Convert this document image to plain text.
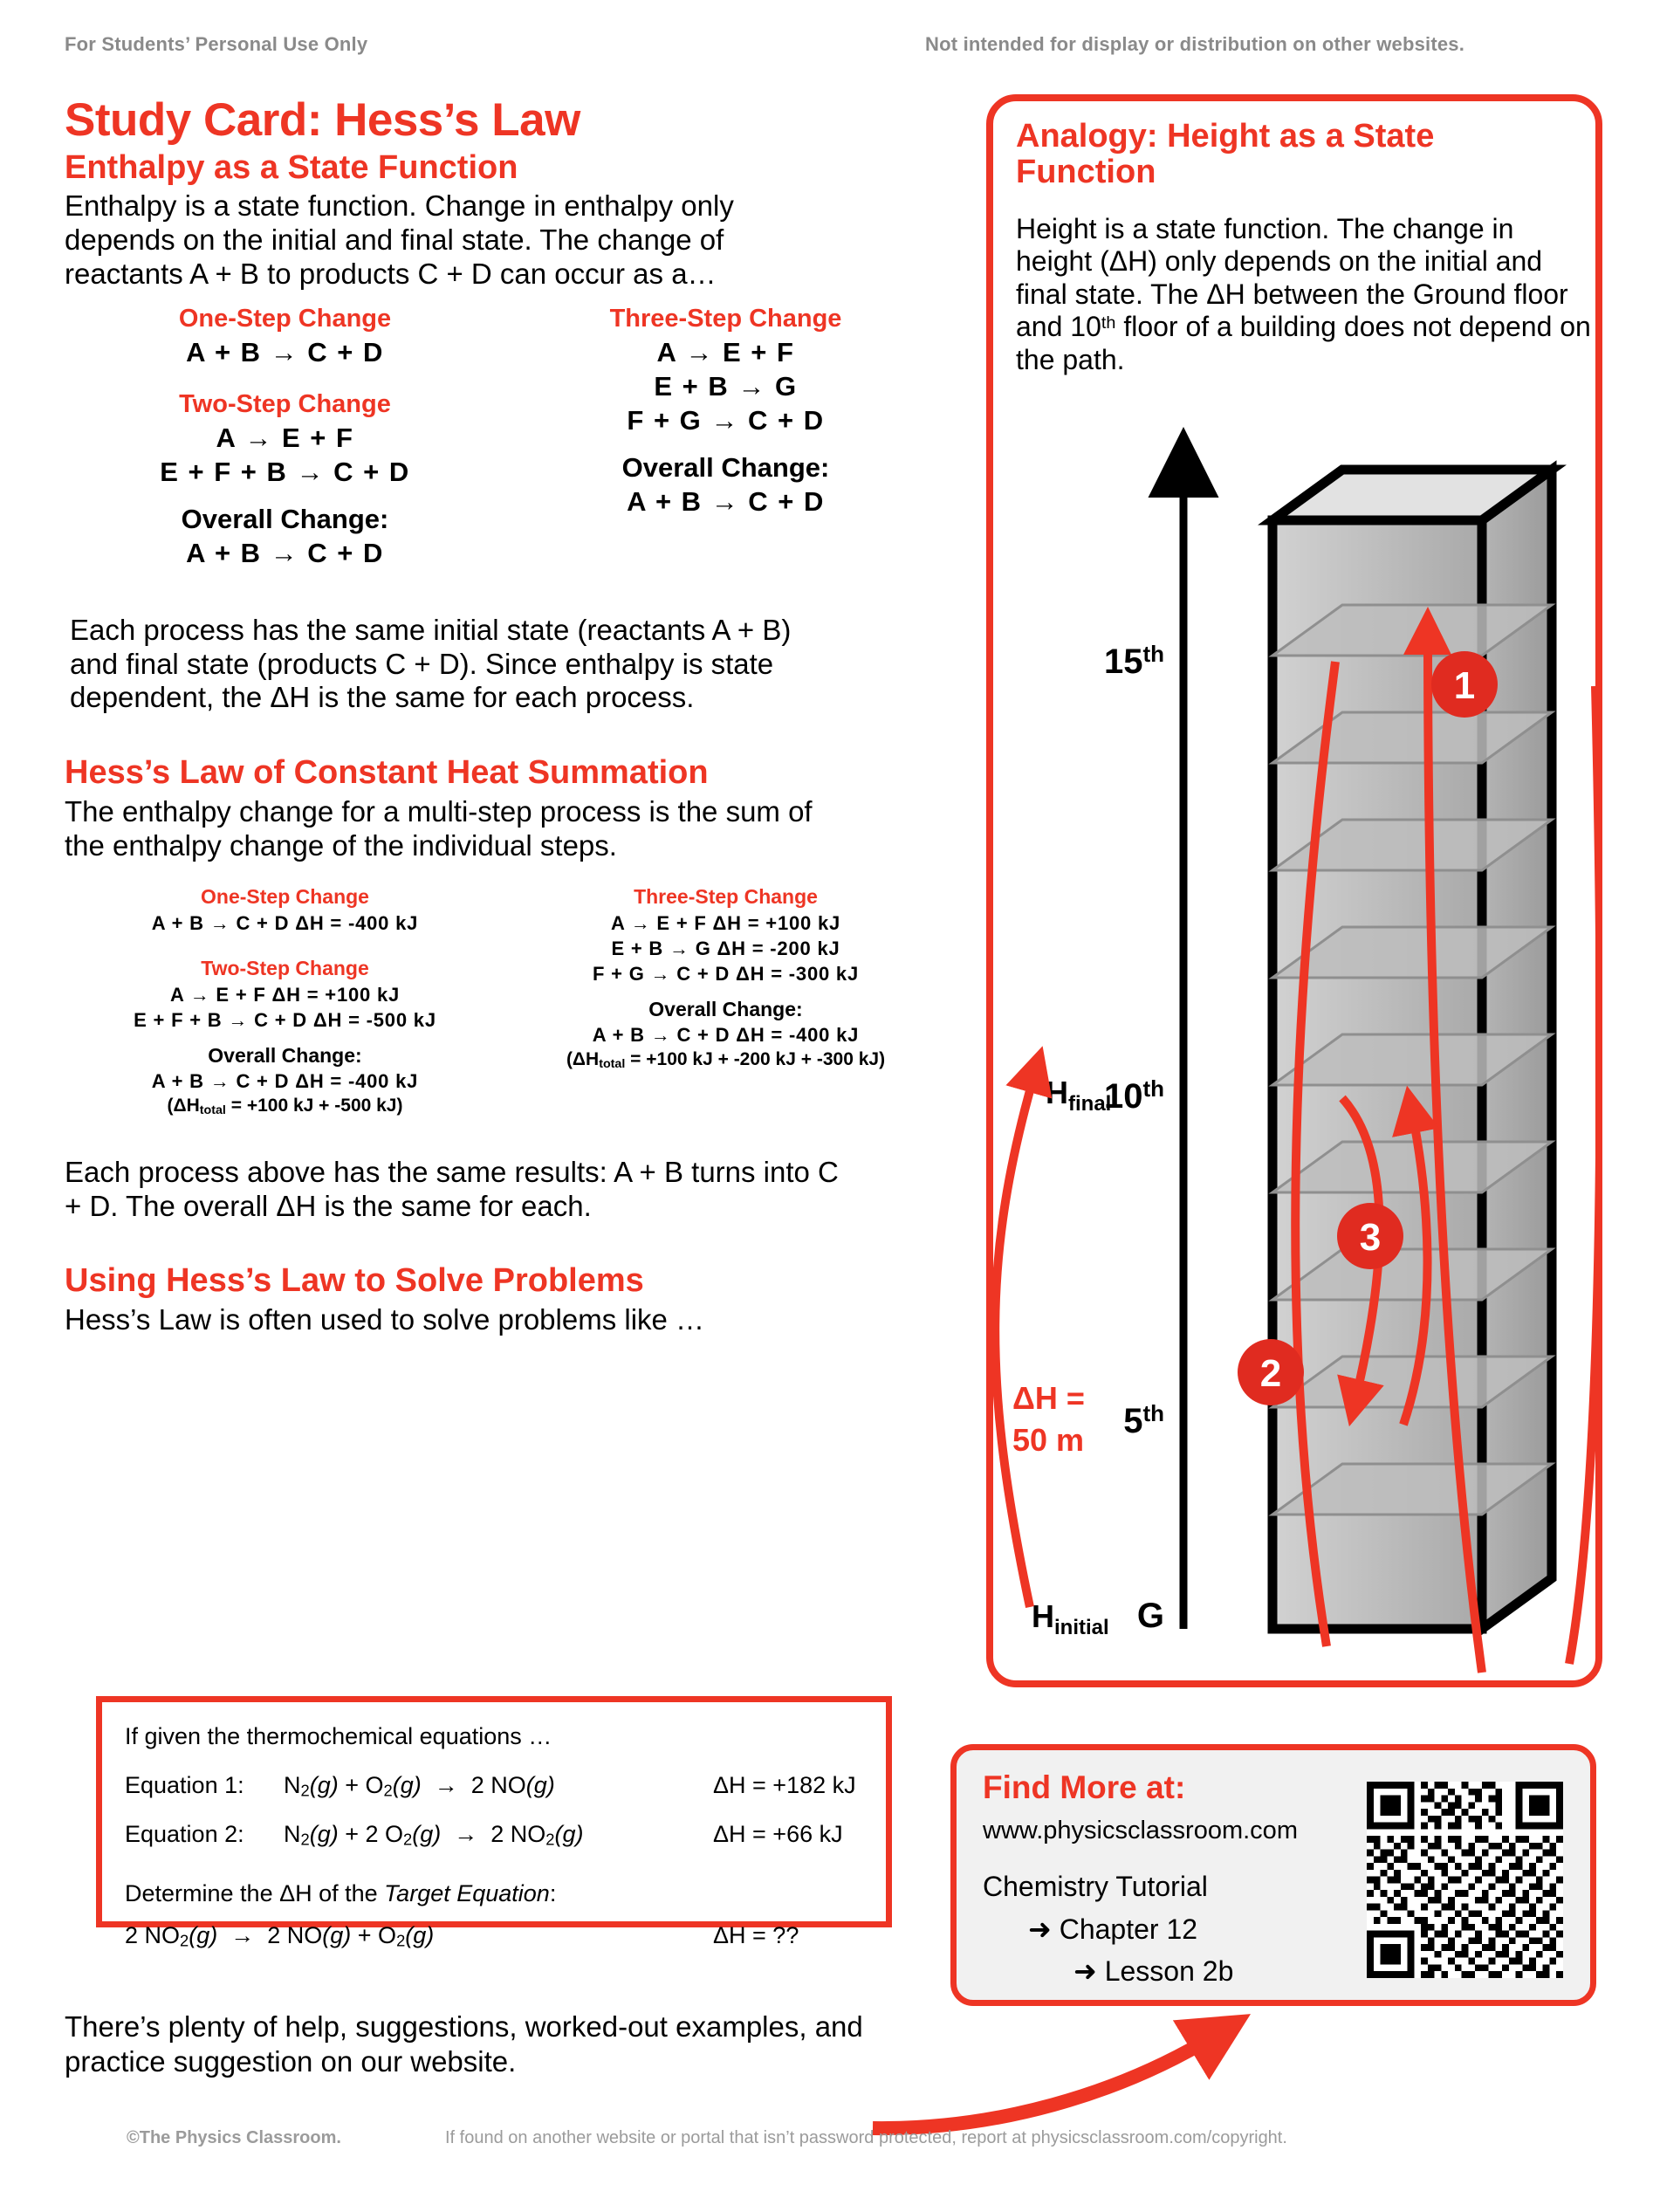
For Students’ Personal Use Only	Not intended for display or distribution on other websites.
Study Card: Hess’s Law
Enthalpy as a State Function

Enthalpy is a state function. Change in enthalpy only depends on the initial and final state. The change of reactants A + B to products C + D can occur as a…

One-Step Change

A + B → C + D

Two-Step Change

A → E + F

E + F + B → C + D

Overall Change:

A + B → C + D

Three-Step Change

A → E + F

E + B → G

F + G → C + D

Overall Change:

A + B → C + D

Each process has the same initial state (reactants A + B) and final state (products C + D). Since enthalpy is state dependent, the ΔH is the same for each process.

Hess’s Law of Constant Heat Summation

The enthalpy change for a multi-step process is the sum of the enthalpy change of the individual steps.

One-Step Change

A + B → C + D ΔH = -400 kJ

Two-Step Change

A → E + F ΔH = +100 kJ

E + F + B → C + D ΔH = -500 kJ

Overall Change:

A + B → C + D ΔH = -400 kJ

($\Delta H_{total} = +100$ kJ + -500 kJ)

Three-Step Change

A → E + F ΔH = +100 kJ

E + B → G ΔH = -200 kJ

F + G → C + D ΔH = -300 kJ

Overall Change:

A + B → C + D ΔH = -400 kJ

($\Delta H_{total} = +100$ kJ + -200 kJ + -300 kJ)

Each process above has the same results: A + B turns into C + D. The overall ΔH is the same for each.

Using Hess’s Law to Solve Problems

Hess’s Law is often used to solve problems like …

If given the thermochemical equations …
Equation 1: $N_2(g) + O_2(g) \to 2$ NO(g)	ΔH = +182 kJ
Equation 2: $N_2(g) + 2$ $O_2(g) \to 2$ $NO_2(g)$	ΔH = +66 kJ
Determine the ΔH of the Target Equation:
2 $NO_2(g) \to 2$ $NO(g) + O_2(g)$	ΔH = ??
Analogy: Height as a State Function
Height is a state function. The change in height (ΔH) only depends on the initial and final state. The ΔH between the Ground floor and 10th floor of a building does not depend on the path.
15th
10th
5th
G
$H_{final}$
$H_{initial}$
ΔH =
50 m
1
3
2
Find More at:
www.physicsclassroom.com
Chemistry Tutorial
➜ Chapter 12
➜ Lesson 2b
There’s plenty of help, suggestions, worked-out examples, and practice suggestion on our website.
©The Physics Classroom.	If found on another website or portal that isn’t password protected, report at physicsclassroom.com/copyright.
